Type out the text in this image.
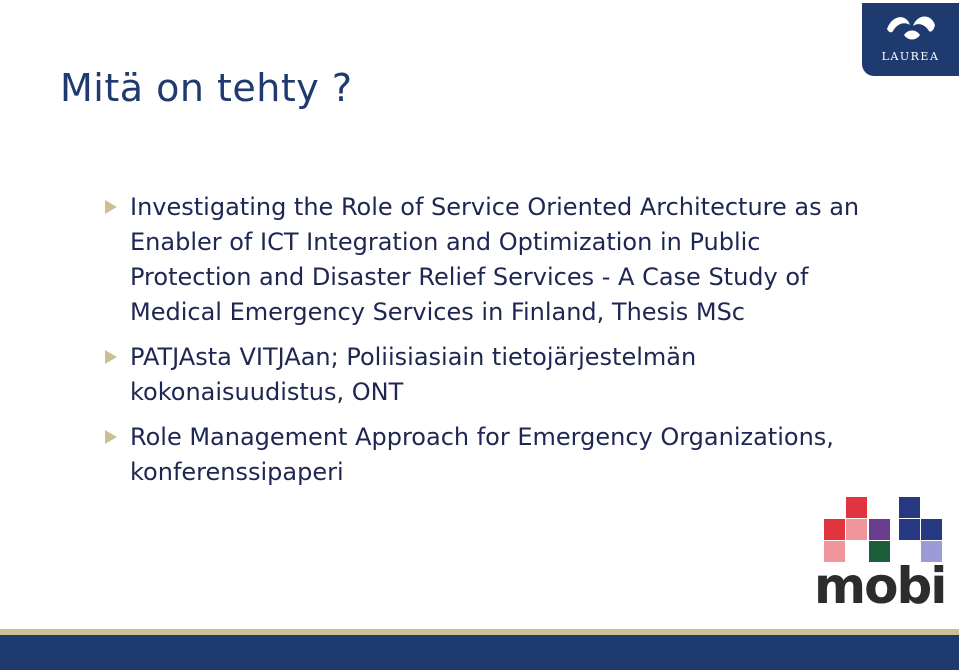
Mitä on tehty ?
LAUREA
Investigating the Role of Service Oriented Architecture as an Enabler of ICT Integration and Optimization in Public Protection and Disaster Relief Services - A Case Study of Medical Emergency Services in Finland, Thesis MSc
PATJAsta VITJAan; Poliisiasiain tietojärjestelmän kokonaisuudistus, ONT
Role Management Approach for Emergency Organizations, konferenssipaperi
mobi
